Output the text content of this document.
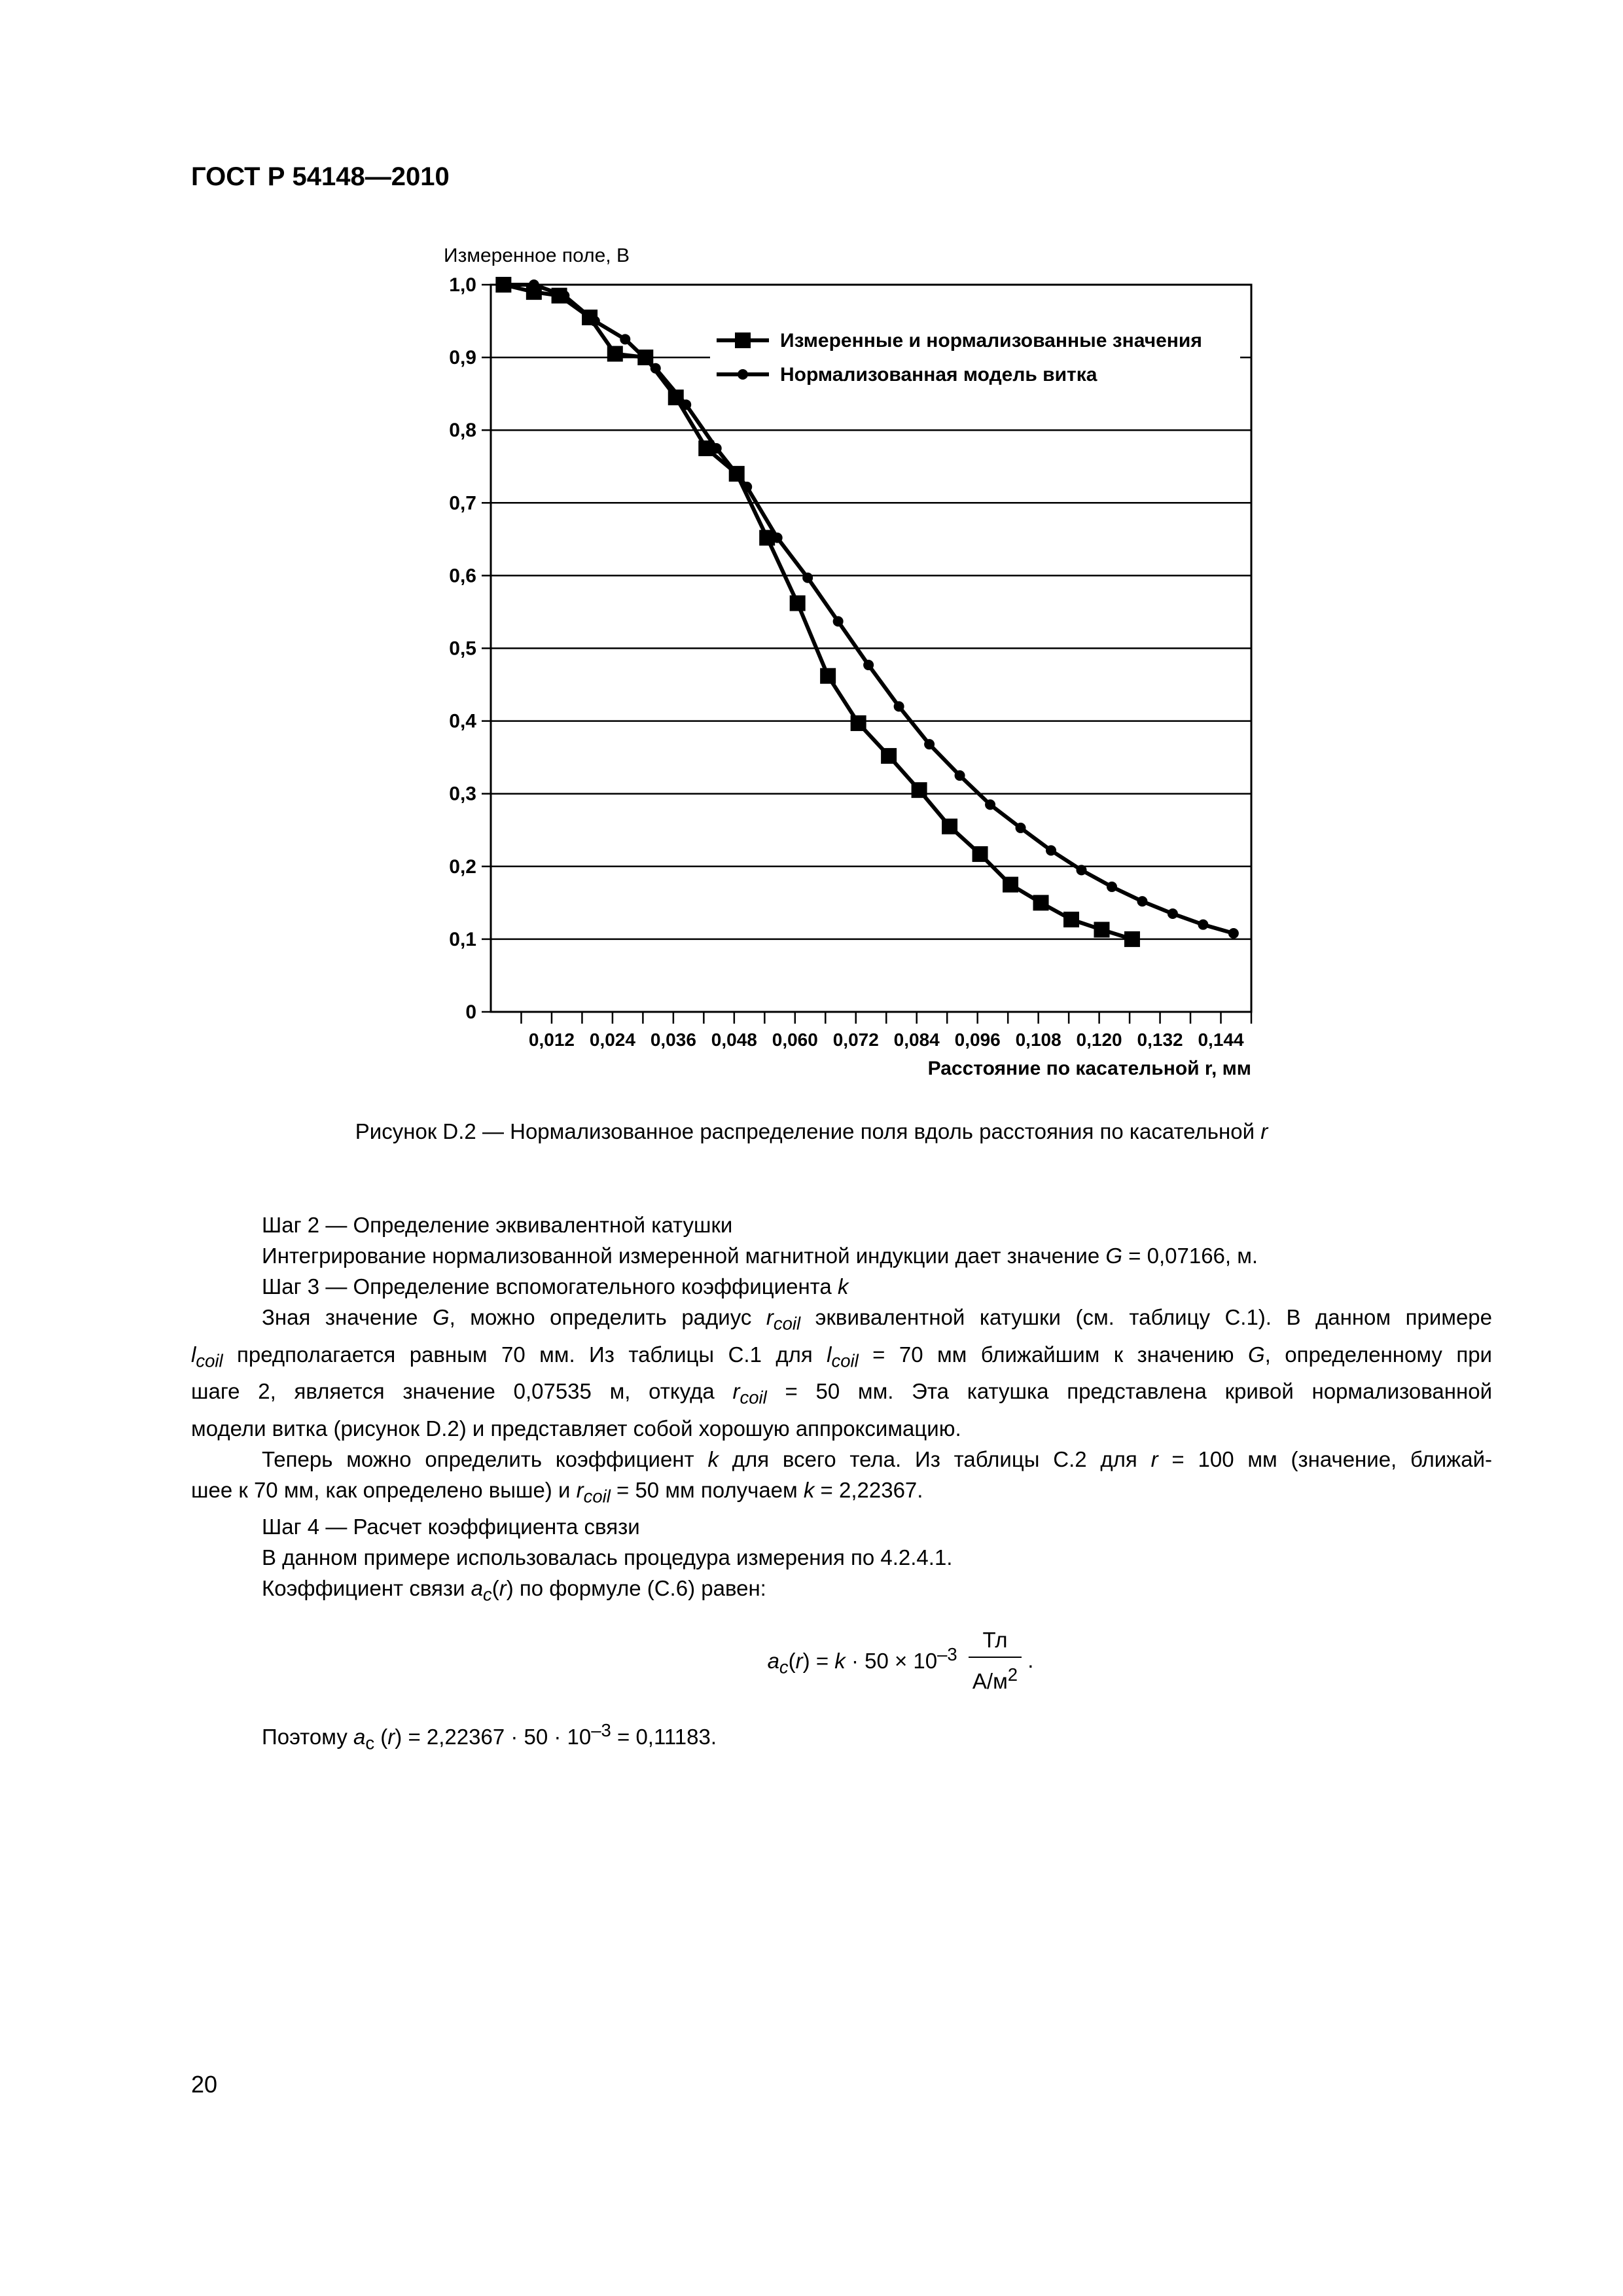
ГОСТ Р 54148—2010
Измеренное поле, В
Расстояние по касательной r, мм
0
0,1
0,2
0,3
0,4
0,5
0,6
0,7
0,8
0,9
1,0
0,012 0,024 0,036 0,048 0,060 0,072 0,084 0,096 0,108 0,120 0,132 0,144
Измеренные и нормализованные значения
Нормализованная модель витка
Рисунок D.2 — Нормализованное распределение поля вдоль расстояния по касательной r

Шаг 2 — Определение эквивалентной катушки

Интегрирование нормализованной измеренной магнитной индукции дает значение G = 0,07166, м.

Шаг 3 — Определение вспомогательного коэффициента k

Зная значение G, можно определить радиус $r_{coil}$ эквивалентной катушки (см. таблицу С.1). В данном примере

$l_{coil}$ предполагается равным 70 мм. Из таблицы С.1 для $l_{coil} = 70$ мм ближайшим к значению G, определенному при

шаге 2, является значение 0,07535 м, откуда $r_{coil} = 50$ мм. Эта катушка представлена кривой нормализованной

модели витка (рисунок D.2) и представляет собой хорошую аппроксимацию.

Теперь можно определить коэффициент k для всего тела. Из таблицы С.2 для r = 100 мм (значение, ближай-

шее к 70 мм, как определено выше) и $r_{coil} = 50$ мм получаем k = 2,22367.

Шаг 4 — Расчет коэффициента связи

В данном примере использовалась процедура измерения по 4.2.4.1.

Коэффициент связи $a_c(r)$ по формуле (С.6) равен:

$a_c(r) = k \cdot 50 \times 10^{-3} \frac{Тл}{А/м^2}$ .

Поэтому $a_c$ $(r) = 2,22367 \cdot 50 \cdot 10^{-3} = 0,11183$.

20
